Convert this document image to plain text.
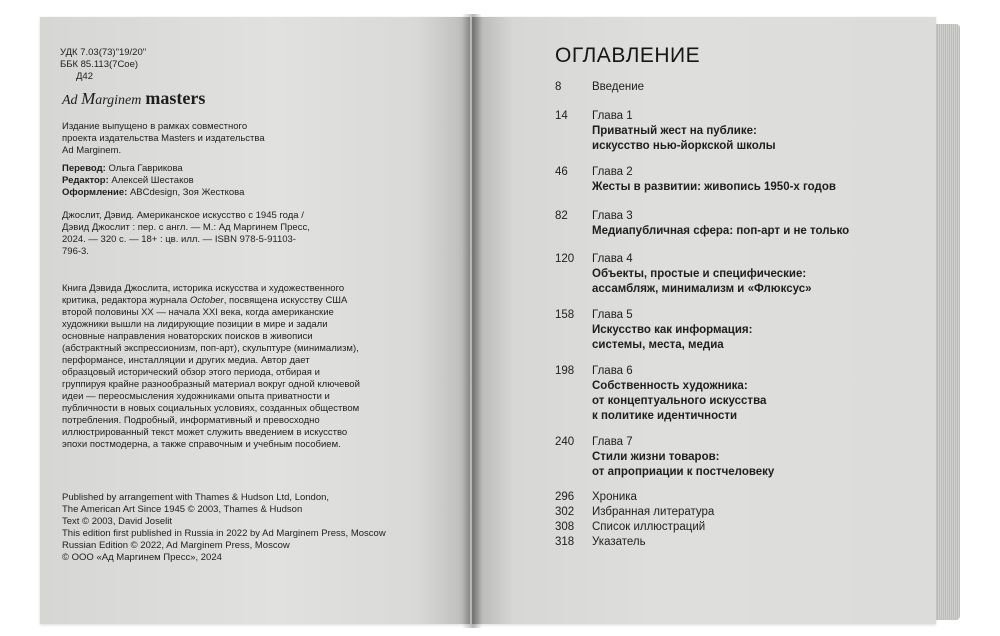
УДК 7.03(73)"19/20"
ББК 85.113(7Сое)
Д42
Ad Marginem masters
Издание выпущено в рамках совместного проекта издательства Masters и издательства Ad Marginem.
Перевод: Ольга Гаврикова
Редактор: Алексей Шестаков
Оформление: ABCdesign, Зоя Жесткова
Джослит, Дэвид. Американское искусство с 1945 года / Дэвид Джослит : пер. с англ. — М.: Ад Маргинем Пресс, 2024. — 320 с. — 18+ : цв. илл. — ISBN 978-5-91103-796-3.
Книга Дэвида Джослита, историка искусства и художественного критика, редактора журнала October, посвящена искусству США второй половины ХХ — начала XXI века, когда американские художники вышли на лидирующие позиции в мире и задали основные направления новаторских поисков в живописи (абстрактный экспрессионизм, поп-арт), скульптуре (минимализм), перформансе, инсталляции и других медиа. Автор дает образцовый исторический обзор этого периода, отбирая и группируя крайне разнообразный материал вокруг одной ключевой идеи — переосмысления художниками опыта приватности и публичности в новых социальных условиях, созданных обществом потребления. Подробный, информативный и превосходно иллюстрированный текст может служить введением в искусство эпохи постмодерна, а также справочным и учебным пособием.
Published by arrangement with Thames & Hudson Ltd, London,
The American Art Since 1945 © 2003, Thames & Hudson
Text © 2003, David Joselit
This edition first published in Russia in 2022 by Ad Marginem Press, Moscow
Russian Edition © 2022, Ad Marginem Press, Moscow
© ООО «Ад Маргинем Пресс», 2024
ОГЛАВЛЕНИЕ
8	Введение
14	Глава 1
Приватный жест на публике:
искусство нью-йоркской школы
46	Глава 2
Жесты в развитии: живопись 1950-х годов
82	Глава 3
Медиапубличная сфера: поп-арт и не только
120	Глава 4
Объекты, простые и специфические:
ассамбляж, минимализм и «Флюксус»
158	Глава 5
Искусство как информация:
системы, места, медиа
198	Глава 6
Собственность художника:
от концептуального искусства
к политике идентичности
240	Глава 7
Стили жизни товаров:
от апроприации к постчеловеку
296	Хроника
302	Избранная литература
308	Список иллюстраций
318	Указатель
